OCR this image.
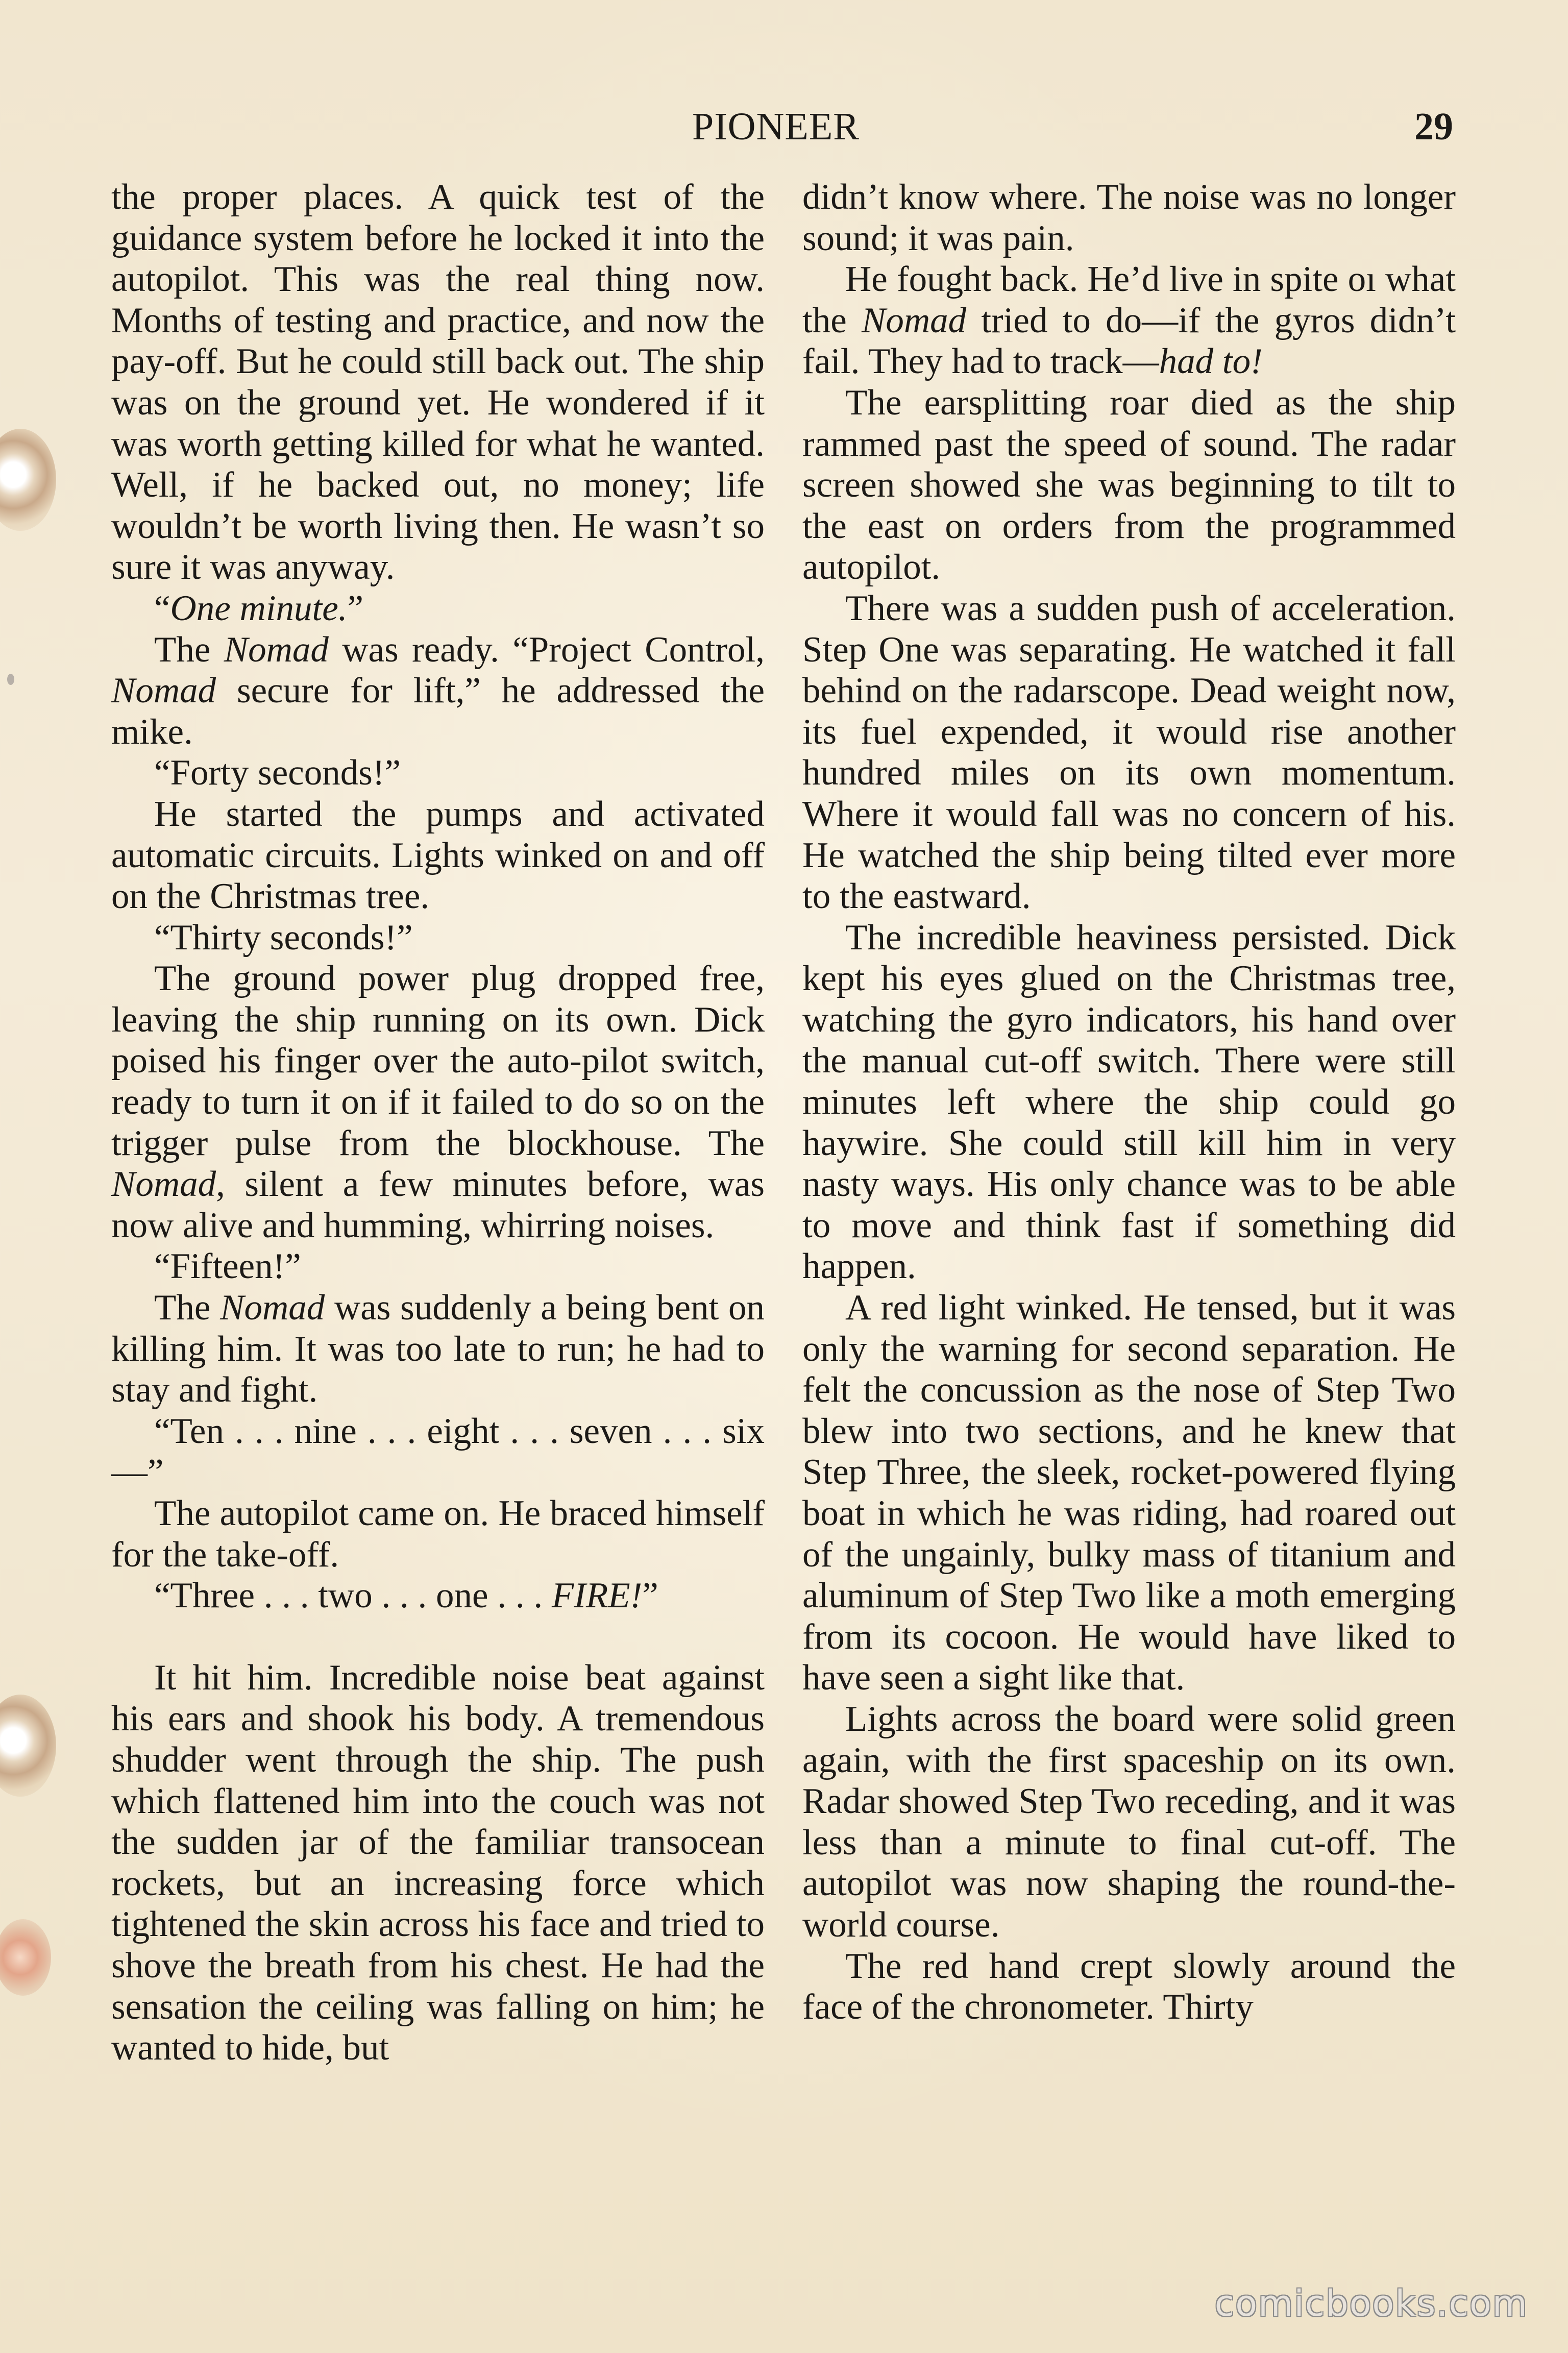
PIONEER	29

the proper places. A quick test of the guidance system before he locked it into the autopilot. This was the real thing now. Months of testing and practice, and now the pay-off. But he could still back out. The ship was on the ground yet. He wondered if it was worth getting killed for what he wanted. Well, if he backed out, no money; life wouldn’t be worth living then. He wasn’t so sure it was anyway.

“One minute.”

The Nomad was ready. “Project Control, Nomad secure for lift,” he addressed the mike.

“Forty seconds!”

He started the pumps and activated automatic circuits. Lights winked on and off on the Christmas tree.

“Thirty seconds!”

The ground power plug dropped free, leaving the ship running on its own. Dick poised his finger over the auto-pilot switch, ready to turn it on if it failed to do so on the trigger pulse from the blockhouse. The Nomad, silent a few minutes before, was now alive and humming, whirring noises.

“Fifteen!”

The Nomad was suddenly a being bent on killing him. It was too late to run; he had to stay and fight.

“Ten . . . nine . . . eight . . . seven . . . six—”

The autopilot came on. He braced himself for the take-off.

“Three . . . two . . . one . . . FIRE!”

It hit him. Incredible noise beat against his ears and shook his body. A tremendous shudder went through the ship. The push which flattened him into the couch was not the sudden jar of the familiar transocean rockets, but an increasing force which tightened the skin across his face and tried to shove the breath from his chest. He had the sensation the ceiling was falling on him; he wanted to hide, but

didn’t know where. The noise was no longer sound; it was pain.

He fought back. He’d live in spite oı what the Nomad tried to do—if the gyros didn’t fail. They had to track—had to!

The earsplitting roar died as the ship rammed past the speed of sound. The radar screen showed she was beginning to tilt to the east on orders from the programmed autopilot.

There was a sudden push of acceleration. Step One was separating. He watched it fall behind on the radarscope. Dead weight now, its fuel expended, it would rise another hundred miles on its own momentum. Where it would fall was no concern of his. He watched the ship being tilted ever more to the eastward.

The incredible heaviness persisted. Dick kept his eyes glued on the Christmas tree, watching the gyro indicators, his hand over the manual cut-off switch. There were still minutes left where the ship could go haywire. She could still kill him in very nasty ways. His only chance was to be able to move and think fast if something did happen.

A red light winked. He tensed, but it was only the warning for second separation. He felt the concussion as the nose of Step Two blew into two sections, and he knew that Step Three, the sleek, rocket-powered flying boat in which he was riding, had roared out of the ungainly, bulky mass of titanium and aluminum of Step Two like a moth emerging from its cocoon. He would have liked to have seen a sight like that.

Lights across the board were solid green again, with the first spaceship on its own. Radar showed Step Two receding, and it was less than a minute to final cut-off. The autopilot was now shaping the round-the-world course.

The red hand crept slowly around the face of the chronometer. Thirty

comicbooks.com
